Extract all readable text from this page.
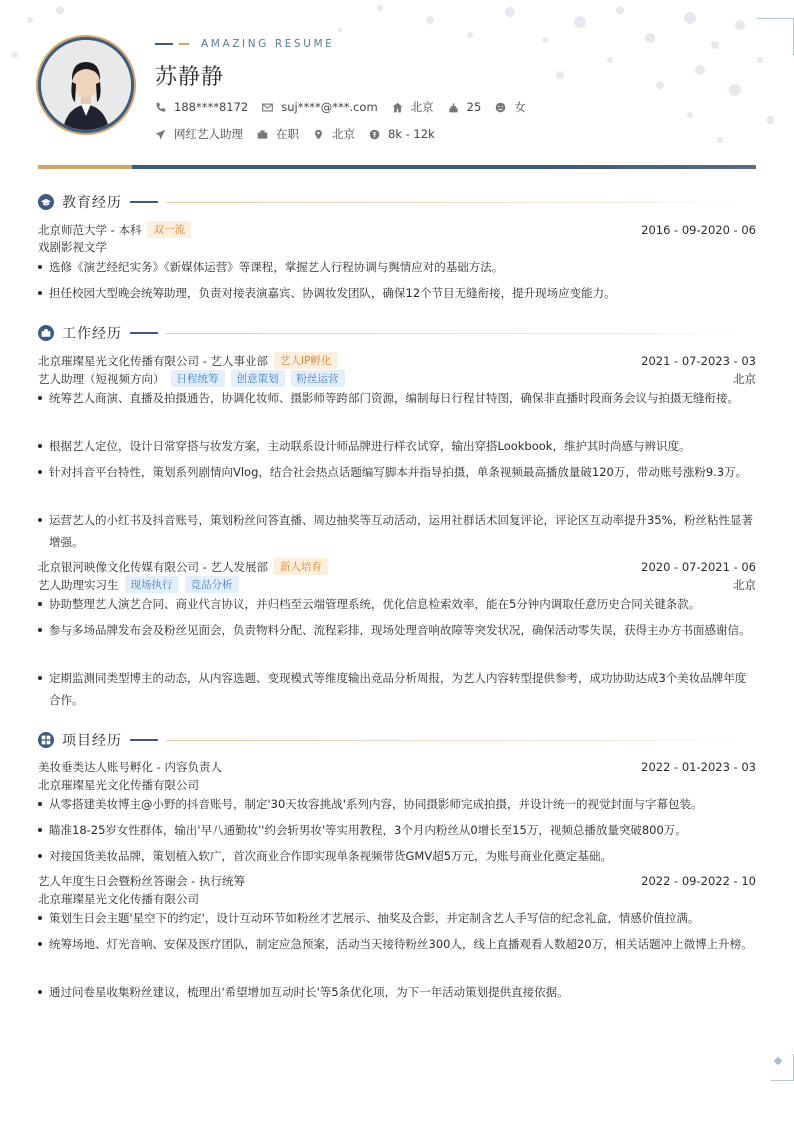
AMAZING RESUME
苏静静
188****8172	suj****@***.com	北京	25	女
网红艺人助理	在职	北京	8k - 12k
教育经历
北京师范大学 - 本科	双一流	2016 - 09-2020 - 06
戏剧影视文学
选修《演艺经纪实务》《新媒体运营》等课程，掌握艺人行程协调与舆情应对的基础方法。
担任校园大型晚会统筹助理，负责对接表演嘉宾、协调妆发团队，确保12个节目无缝衔接，提升现场应变能力。
工作经历
北京璀璨星光文化传播有限公司 - 艺人事业部	艺人IP孵化	2021 - 07-2023 - 03
艺人助理（短视频方向）	日程统筹	创意策划	粉丝运营	北京
统筹艺人商演、直播及拍摄通告，协调化妆师、摄影师等跨部门资源，编制每日行程甘特图，确保非直播时段商务会议与拍摄无缝衔接。
根据艺人定位，设计日常穿搭与妆发方案，主动联系设计师品牌进行样衣试穿，输出穿搭Lookbook，维护其时尚感与辨识度。
针对抖音平台特性，策划系列剧情向Vlog，结合社会热点话题编写脚本并指导拍摄，单条视频最高播放量破120万，带动账号涨粉9.3万。
运营艺人的小红书及抖音账号，策划粉丝问答直播、周边抽奖等互动活动，运用社群话术回复评论，评论区互动率提升35%，粉丝粘性显著增强。
北京银河映像文化传媒有限公司 - 艺人发展部	新人培育	2020 - 07-2021 - 06
艺人助理实习生	现场执行	竞品分析	北京
协助整理艺人演艺合同、商业代言协议，并归档至云端管理系统，优化信息检索效率，能在5分钟内调取任意历史合同关键条款。
参与多场品牌发布会及粉丝见面会，负责物料分配、流程彩排，现场处理音响故障等突发状况，确保活动零失误，获得主办方书面感谢信。
定期监测同类型博主的动态，从内容选题、变现模式等维度输出竞品分析周报，为艺人内容转型提供参考，成功协助达成3个美妆品牌年度合作。
项目经历
美妆垂类达人账号孵化 - 内容负责人	2022 - 01-2023 - 03
北京璀璨星光文化传播有限公司
从零搭建美妆博主@小野的抖音账号，制定'30天妆容挑战'系列内容，协同摄影师完成拍摄，并设计统一的视觉封面与字幕包装。
瞄准18-25岁女性群体，输出'早八通勤妆''约会斩男妆'等实用教程，3个月内粉丝从0增长至15万，视频总播放量突破800万。
对接国货美妆品牌，策划植入软广，首次商业合作即实现单条视频带货GMV超5万元，为账号商业化奠定基础。
艺人年度生日会暨粉丝答谢会 - 执行统筹	2022 - 09-2022 - 10
北京璀璨星光文化传播有限公司
策划生日会主题'星空下的约定'，设计互动环节如粉丝才艺展示、抽奖及合影，并定制含艺人手写信的纪念礼盒，情感价值拉满。
统筹场地、灯光音响、安保及医疗团队，制定应急预案，活动当天接待粉丝300人，线上直播观看人数超20万，相关话题冲上微博上升榜。
通过问卷星收集粉丝建议，梳理出'希望增加互动时长'等5条优化项，为下一年活动策划提供直接依据。
